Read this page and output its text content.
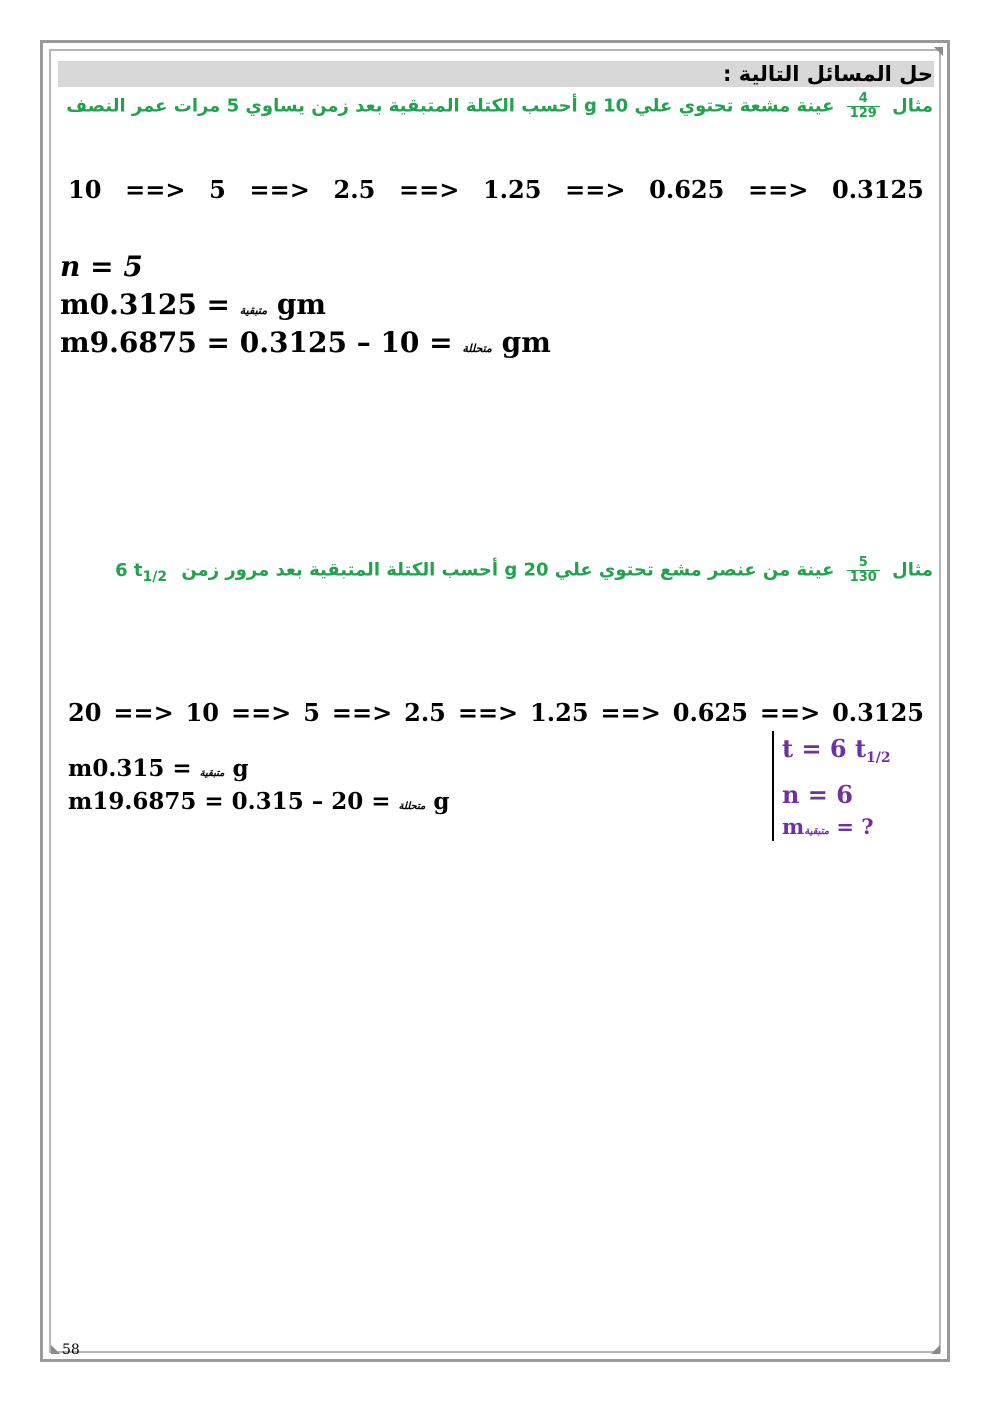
حل المسائل التالية :
مثال
$\frac{4}{129}$
عينة مشعة تحتوي علي g 10 أحسب الكتلة المتبقية بعد زمن يساوي 5 مرات عمر النصف
10 ==> 5 ==> 2.5 ==> 1.25 ==> 0.625 ==> 0.3125
n = 5
m	متبقية = 0.3125 gm
m	متحللة = 10 – 0.3125 = 9.6875 gm
مثال
$\frac{5}{130}$
عينة من عنصر مشع تحتوي علي g 20 أحسب الكتلة المتبقية بعد مرور زمن 6 $t_{1/2}$
20 ==> 10 ==> 5 ==> 2.5 ==> 1.25 ==> 0.625 ==> 0.3125
m	متبقية = 0.315 g
m	متحللة = 20 – 0.315 = 19.6875 g
t = 6 $t_{1/2}$
n = 6
mمتبقية = ?
58
